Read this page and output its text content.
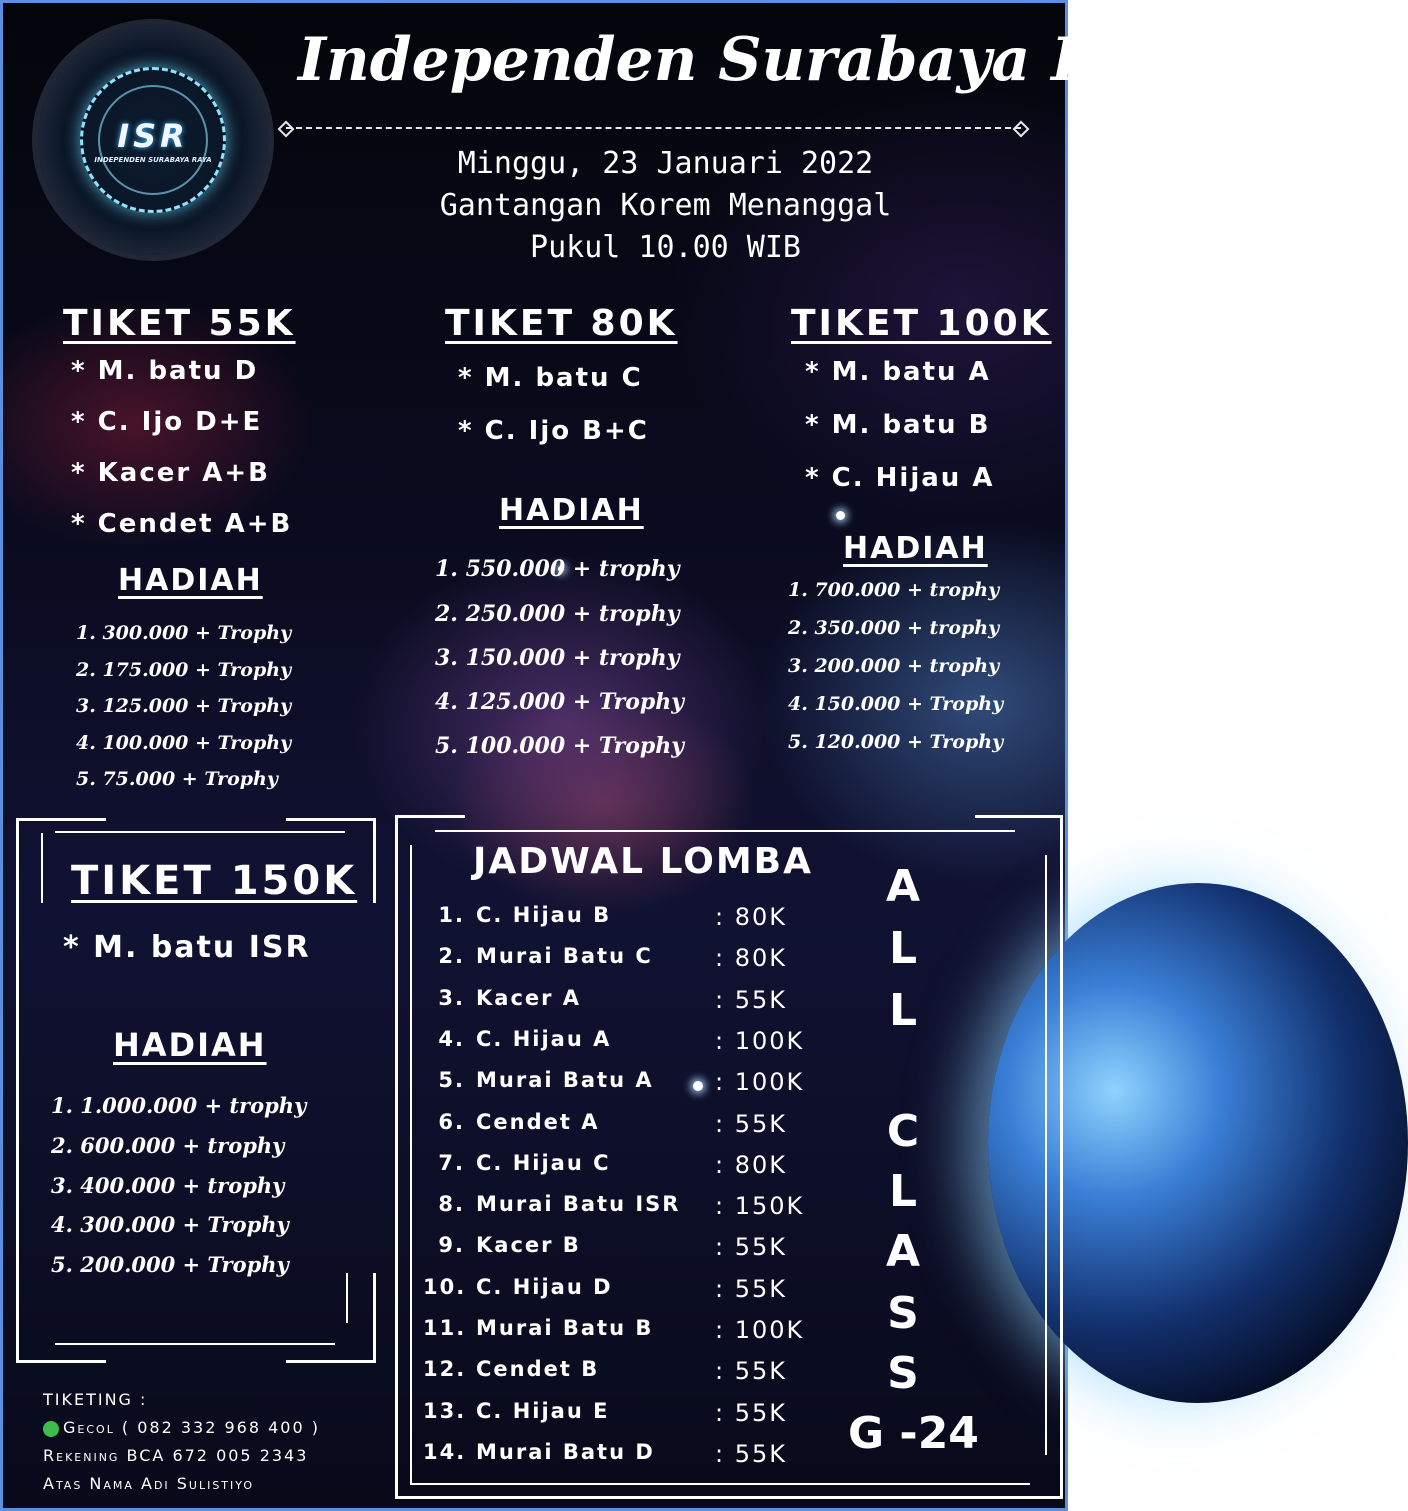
ISR
INDEPENDEN SURABAYA RAYA
Independen Surabaya Raya
Minggu, 23 Januari 2022
Gantangan Korem Menanggal
Pukul 10.00 WIB
TIKET 55K
* M. batu D
* C. Ijo D+E
* Kacer A+B
* Cendet A+B
HADIAH
1. 300.000 + Trophy
2. 175.000 + Trophy
3. 125.000 + Trophy
4. 100.000 + Trophy
5. 75.000 + Trophy
TIKET 80K
* M. batu C
* C. Ijo B+C
HADIAH
1. 550.000 + trophy
2. 250.000 + trophy
3. 150.000 + trophy
4. 125.000 + Trophy
5. 100.000 + Trophy
TIKET 100K
* M. batu A
* M. batu B
* C. Hijau A
HADIAH
1. 700.000 + trophy
2. 350.000 + trophy
3. 200.000 + trophy
4. 150.000 + Trophy
5. 120.000 + Trophy
TIKET 150K
* M. batu ISR
HADIAH
1. 1.000.000 + trophy
2. 600.000 + trophy
3. 400.000 + trophy
4. 300.000 + Trophy
5. 200.000 + Trophy
JADWAL LOMBA
1. C. Hijau B	: 80K
2. Murai Batu C	: 80K
3. Kacer A	: 55K
4. C. Hijau A	: 100K
5. Murai Batu A	: 100K
6. Cendet A	: 55K
7. C. Hijau C	: 80K
8. Murai Batu ISR : 150K
9. Kacer B	: 55K
10. C. Hijau D	: 55K
11. Murai Batu B	: 100K
12. Cendet B	: 55K
13. C. Hijau E	: 55K
14. Murai Batu D	: 55K
A
L
L
C
L
A
S
S
G -24
TIKETING :
Gecol ( 082 332 968 400 )
Rekening BCA 672 005 2343
Atas Nama Adi Sulistiyo
